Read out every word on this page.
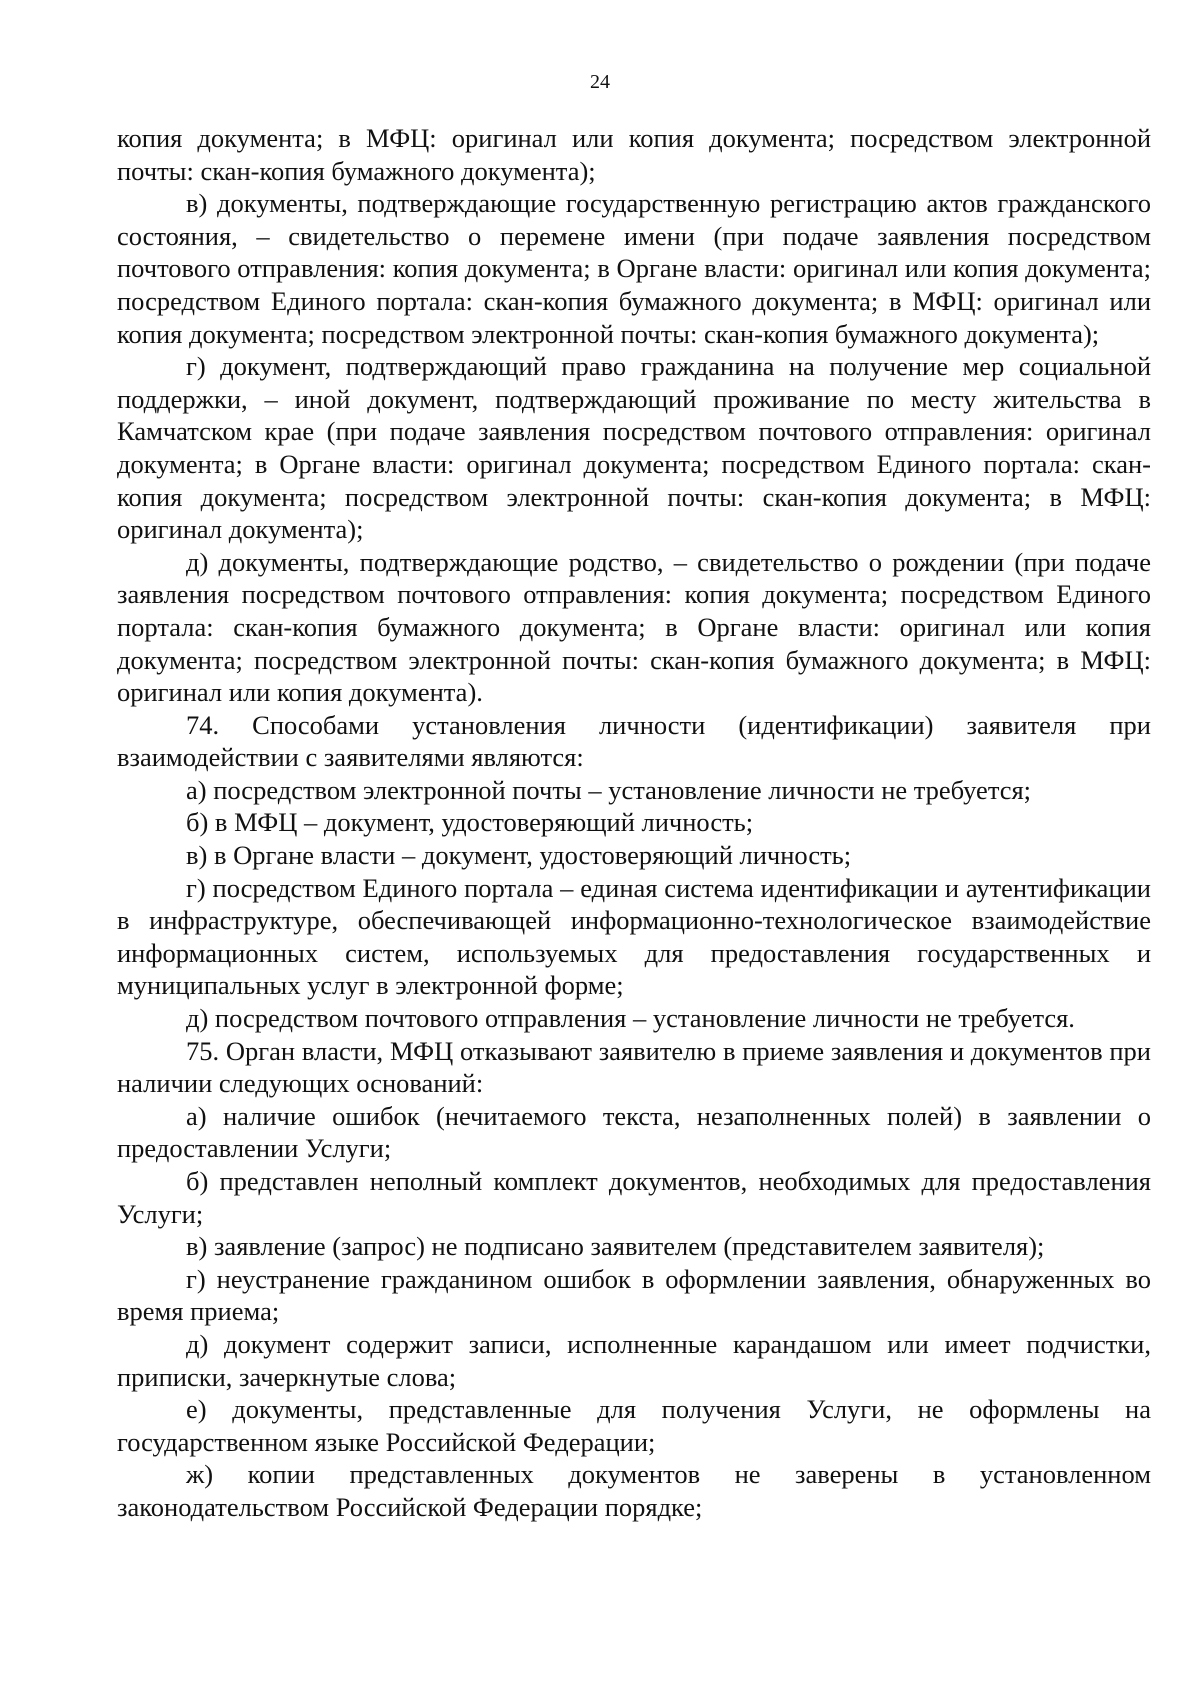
24

копия документа; в МФЦ: оригинал или копия документа; посредством электронной почты: скан-копия бумажного документа);

в) документы, подтверждающие государственную регистрацию актов гражданского состояния, – свидетельство о перемене имени (при подаче заявления посредством почтового отправления: копия документа; в Органе власти: оригинал или копия документа; посредством Единого портала: скан-копия бумажного документа; в МФЦ: оригинал или копия документа; посредством электронной почты: скан-копия бумажного документа);

г) документ, подтверждающий право гражданина на получение мер социальной поддержки, – иной документ, подтверждающий проживание по месту жительства в Камчатском крае (при подаче заявления посредством почтового отправления: оригинал документа; в Органе власти: оригинал документа; посредством Единого портала: скан-копия документа; посредством электронной почты: скан-копия документа; в МФЦ: оригинал документа);

д) документы, подтверждающие родство, – свидетельство о рождении (при подаче заявления посредством почтового отправления: копия документа; посредством Единого портала: скан-копия бумажного документа; в Органе власти: оригинал или копия документа; посредством электронной почты: скан-копия бумажного документа; в МФЦ: оригинал или копия документа).

74. Способами установления личности (идентификации) заявителя при взаимодействии с заявителями являются:

а) посредством электронной почты – установление личности не требуется;

б) в МФЦ – документ, удостоверяющий личность;

в) в Органе власти – документ, удостоверяющий личность;

г) посредством Единого портала – единая система идентификации и аутентификации в инфраструктуре, обеспечивающей информационно-технологическое взаимодействие информационных систем, используемых для предоставления государственных и муниципальных услуг в электронной форме;

д) посредством почтового отправления – установление личности не требуется.

75. Орган власти, МФЦ отказывают заявителю в приеме заявления и документов при наличии следующих оснований:

а) наличие ошибок (нечитаемого текста, незаполненных полей) в заявлении о предоставлении Услуги;

б) представлен неполный комплект документов, необходимых для предоставления Услуги;

в) заявление (запрос) не подписано заявителем (представителем заявителя);

г) неустранение гражданином ошибок в оформлении заявления, обнаруженных во время приема;

д) документ содержит записи, исполненные карандашом или имеет подчистки, приписки, зачеркнутые слова;

е) документы, представленные для получения Услуги, не оформлены на государственном языке Российской Федерации;

ж) копии представленных документов не заверены в установленном законодательством Российской Федерации порядке;
